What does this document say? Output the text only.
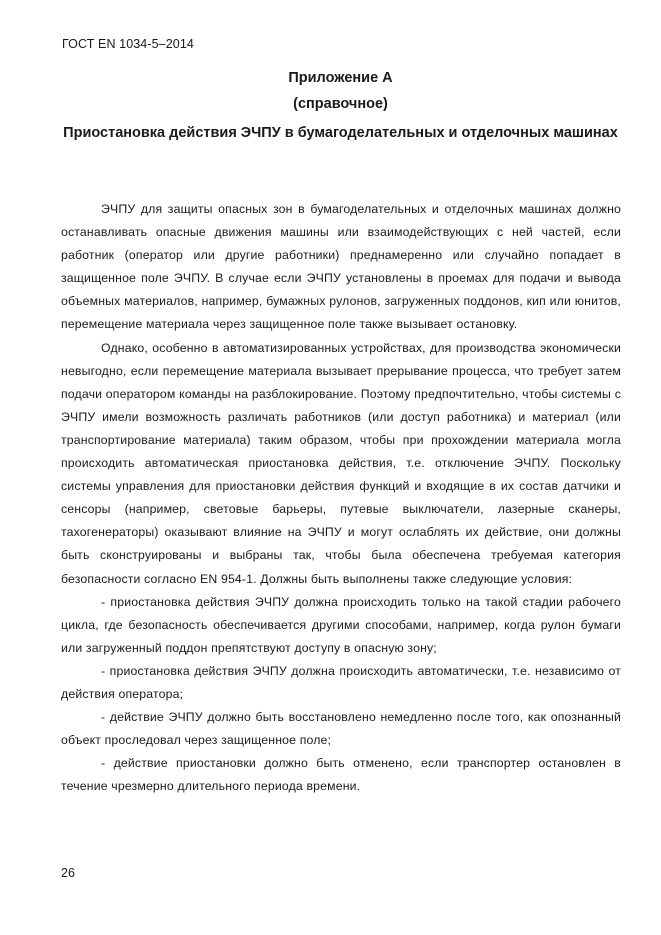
ГОСТ EN 1034-5–2014
Приложение А
(справочное)
Приостановка действия ЭЧПУ в бумагоделательных и отделочных машинах

ЭЧПУ для защиты опасных зон в бумагоделательных и отделочных машинах должно останавливать опасные движения машины или взаимодействующих с ней частей, если работник (оператор или другие работники) преднамеренно или случайно попадает в защищенное поле ЭЧПУ. В случае если ЭЧПУ установлены в проемах для подачи и вывода объемных материалов, например, бумажных рулонов, загруженных поддонов, кип или юнитов, перемещение материала через защищенное поле также вызывает остановку.

Однако, особенно в автоматизированных устройствах, для производства экономически невыгодно, если перемещение материала вызывает прерывание процесса, что требует затем подачи оператором команды на разблокирование. Поэтому предпочтительно, чтобы системы с ЭЧПУ имели возможность различать работников (или доступ работника) и материал (или транспортирование материала) таким образом, чтобы при прохождении материала могла происходить автоматическая приостановка действия, т.е. отключение ЭЧПУ. Поскольку системы управления для приостановки действия функций и входящие в их состав датчики и сенсоры (например, световые барьеры, путевые выключатели, лазерные сканеры, тахогенераторы) оказывают влияние на ЭЧПУ и могут ослаблять их действие, они должны быть сконструированы и выбраны так, чтобы была обеспечена требуемая категория безопасности согласно EN 954-1. Должны быть выполнены также следующие условия:

- приостановка действия ЭЧПУ должна происходить только на такой стадии рабочего цикла, где безопасность обеспечивается другими способами, например, когда рулон бумаги или загруженный поддон препятствуют доступу в опасную зону;

- приостановка действия ЭЧПУ должна происходить автоматически, т.е. независимо от действия оператора;

- действие ЭЧПУ должно быть восстановлено немедленно после того, как опознанный объект проследовал через защищенное поле;

- действие приостановки должно быть отменено, если транспортер остановлен в течение чрезмерно длительного периода времени.

26
